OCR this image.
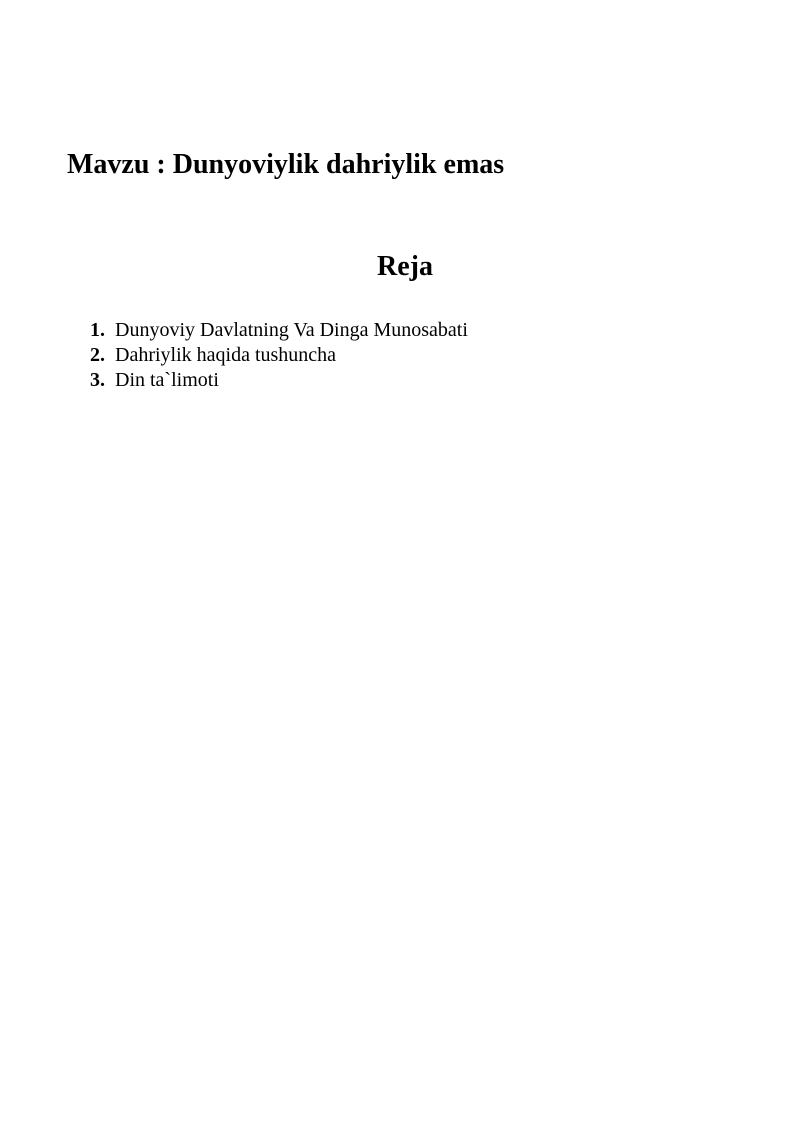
Mavzu : Dunyoviylik dahriylik emas
Reja
1. Dunyoviy Davlatning Va Dinga Munosabati
2. Dahriylik haqida tushuncha
3. Din ta`limoti
